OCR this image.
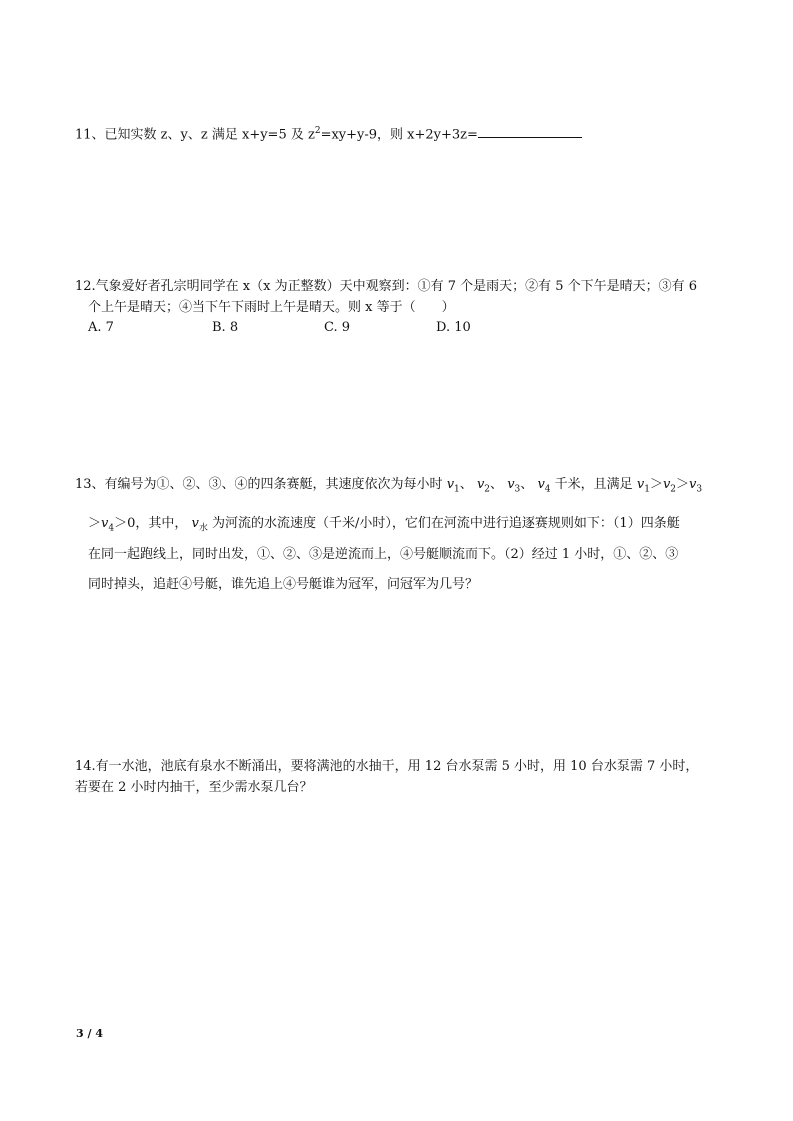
11、已知实数 z、y、z 满足 x+y=5 及 $z^2=xy+y-9$，则 x+2y+3z=
12.气象爱好者孔宗明同学在 x（x 为正整数）天中观察到：①有 7 个是雨天；②有 5 个下午是晴天；③有 6
个上午是晴天；④当下午下雨时上午是晴天。则 x 等于（　　）
A. 7	B. 8	C. 9	D. 10
13、有编号为①、②、③、④的四条赛艇，其速度依次为每小时 $v_1$、 $v_2$、 $v_3$、 $v_4$ 千米，且满足 $v_1>v_2>v_3$
$>v_4>0$，其中， $v_水$ 为河流的水流速度（千米/小时），它们在河流中进行追逐赛规则如下：（1）四条艇
在同一起跑线上，同时出发，①、②、③是逆流而上，④号艇顺流而下。（2）经过 1 小时，①、②、③
同时掉头，追赶④号艇，谁先追上④号艇谁为冠军，问冠军为几号？
14.有一水池，池底有泉水不断涌出，要将满池的水抽干，用 12 台水泵需 5 小时，用 10 台水泵需 7 小时，
若要在 2 小时内抽干，至少需水泵几台？
3 / 4
